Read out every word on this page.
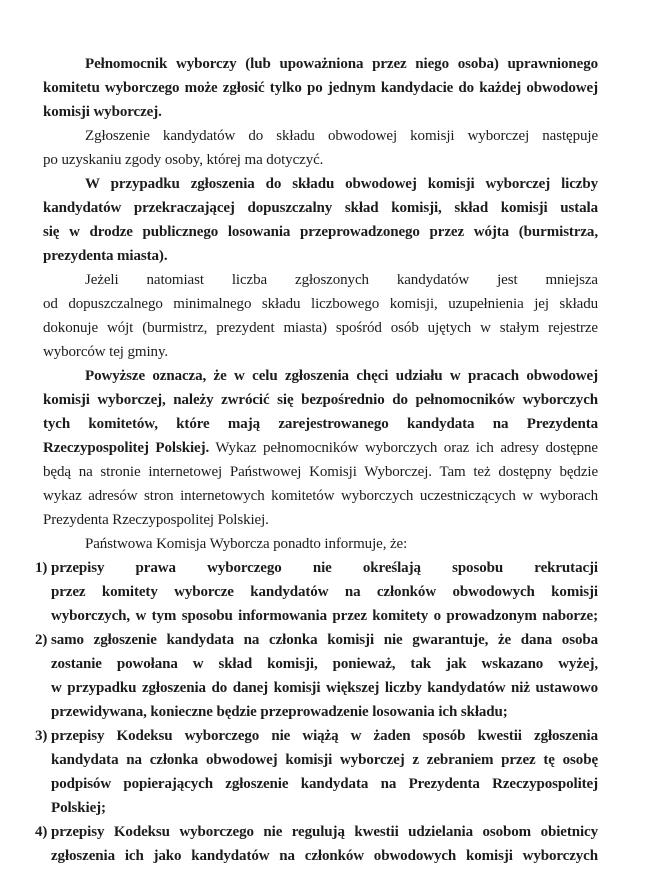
Pełnomocnik wyborczy (lub upoważniona przez niego osoba) uprawnionego
komitetu wyborczego może zgłosić tylko po jednym kandydacie do każdej obwodowej
komisji wyborczej.
Zgłoszenie kandydatów do składu obwodowej komisji wyborczej następuje
po uzyskaniu zgody osoby, której ma dotyczyć.
W przypadku zgłoszenia do składu obwodowej komisji wyborczej liczby
kandydatów przekraczającej dopuszczalny skład komisji, skład komisji ustala
się w drodze publicznego losowania przeprowadzonego przez wójta (burmistrza,
prezydenta miasta).
Jeżeli natomiast liczba zgłoszonych kandydatów jest mniejsza
od dopuszczalnego minimalnego składu liczbowego komisji, uzupełnienia jej składu
dokonuje wójt (burmistrz, prezydent miasta) spośród osób ujętych w stałym rejestrze
wyborców tej gminy.
Powyższe oznacza, że w celu zgłoszenia chęci udziału w pracach obwodowej
komisji wyborczej, należy zwrócić się bezpośrednio do pełnomocników wyborczych
tych komitetów, które mają zarejestrowanego kandydata na Prezydenta
Rzeczypospolitej Polskiej. Wykaz pełnomocników wyborczych oraz ich adresy dostępne
będą na stronie internetowej Państwowej Komisji Wyborczej. Tam też dostępny będzie
wykaz adresów stron internetowych komitetów wyborczych uczestniczących w wyborach
Prezydenta Rzeczypospolitej Polskiej.
Państwowa Komisja Wyborcza ponadto informuje, że:
1) przepisy prawa wyborczego nie określają sposobu rekrutacji
przez komitety wyborcze kandydatów na członków obwodowych komisji
wyborczych, w tym sposobu informowania przez komitety o prowadzonym naborze;
2) samo zgłoszenie kandydata na członka komisji nie gwarantuje, że dana osoba
zostanie powołana w skład komisji, ponieważ, tak jak wskazano wyżej,
w przypadku zgłoszenia do danej komisji większej liczby kandydatów niż ustawowo
przewidywana, konieczne będzie przeprowadzenie losowania ich składu;
3) przepisy Kodeksu wyborczego nie wiążą w żaden sposób kwestii zgłoszenia
kandydata na członka obwodowej komisji wyborczej z zebraniem przez tę osobę
podpisów popierających zgłoszenie kandydata na Prezydenta Rzeczypospolitej
Polskiej;
4) przepisy Kodeksu wyborczego nie regulują kwestii udzielania osobom obietnicy
zgłoszenia ich jako kandydatów na członków obwodowych komisji wyborczych
